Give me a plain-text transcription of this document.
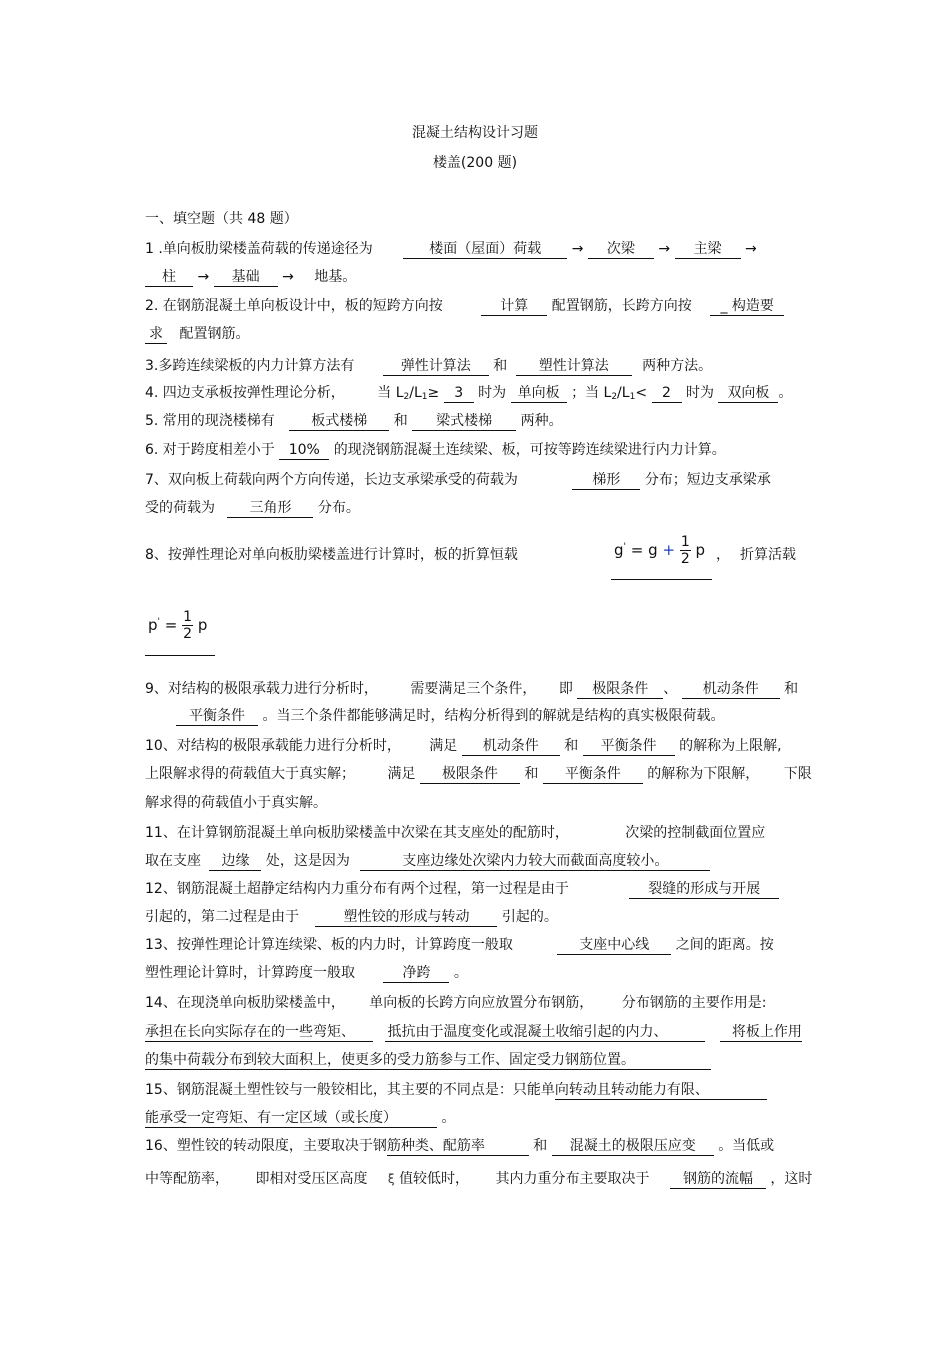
混凝土结构设计习题
楼盖(200 题)
一、填空题（共 48 题）
1 .单向板肋梁楼盖荷载的传递途径为	楼面（屋面）荷载 → 次梁 → 主梁 →
柱 → 基础 → 地基。
2. 在钢筋混凝土单向板设计中，板的短跨方向按	计算 配置钢筋，长跨方向按 _ 构造要
求 配置钢筋。
3.多跨连续梁板的内力计算方法有	弹性计算法 和 塑性计算法 两种方法。
4. 四边支承板按弹性理论分析， 当 $L_2/L_1\ge 3$ 时为 单向板 ；当 $L_2/L_1< 2$ 时为 双向板 。
5. 常用的现浇楼梯有	板式楼梯 和 梁式楼梯 两种。
6. 对于跨度相差小于 10% 的现浇钢筋混凝土连续梁、板，可按等跨连续梁进行内力计算。
7、双向板上荷载向两个方向传递，长边支承梁承受的荷载为	梯形 分布；短边支承梁承
受的荷载为 三角形 分布。
8、按弹性理论对单向板肋梁楼盖进行计算时，板的折算恒载	$g' = g + \frac{1}{2}$ p ， 折算活载
$p' = \frac{1}{2}$ p
9、对结构的极限承载力进行分析时， 需要满足三个条件， 即 极限条件 、 机动条件 和
平衡条件 。当三个条件都能够满足时，结构分析得到的解就是结构的真实极限荷载。
10、对结构的极限承载能力进行分析时， 满足 机动条件 和 平衡条件 的解称为上限解,
上限解求得的荷载值大于真实解； 满足 极限条件 和 平衡条件 的解称为下限解， 下限
解求得的荷载值小于真实解。
11、在计算钢筋混凝土单向板肋梁楼盖中次梁在其支座处的配筋时，	次梁的控制截面位置应
取在支座 边缘 处，这是因为	支座边缘处次梁内力较大而截面高度较小。
12、钢筋混凝土超静定结构内力重分布有两个过程，第一过程是由于	裂缝的形成与开展
引起的，第二过程是由于	塑性铰的形成与转动 引起的。
13、按弹性理论计算连续梁、板的内力时，计算跨度一般取	支座中心线 之间的距离。按
塑性理论计算时，计算跨度一般取	净跨 。
14、在现浇单向板肋梁楼盖中， 单向板的长跨方向应放置分布钢筋， 分布钢筋的主要作用是:
承担在长向实际存在的一些弯矩、 抵抗由于温度变化或混凝土收缩引起的内力、	将板上作用
的集中荷载分布到较大面积上，使更多的受力筋参与工作、固定受力钢筋位置。
15、钢筋混凝土塑性铰与一般铰相比，其主要的不同点是：只能单向转动且转动能力有限、
能承受一定弯矩、有一定区域（或长度）	。
16、塑性铰的转动限度，主要取决于钢筋种类、配筋率	和 混凝土的极限压应变 。当低或
中等配筋率， 即相对受压区高度 ξ 值较低时， 其内力重分布主要取决于 钢筋的流幅 ，这时
